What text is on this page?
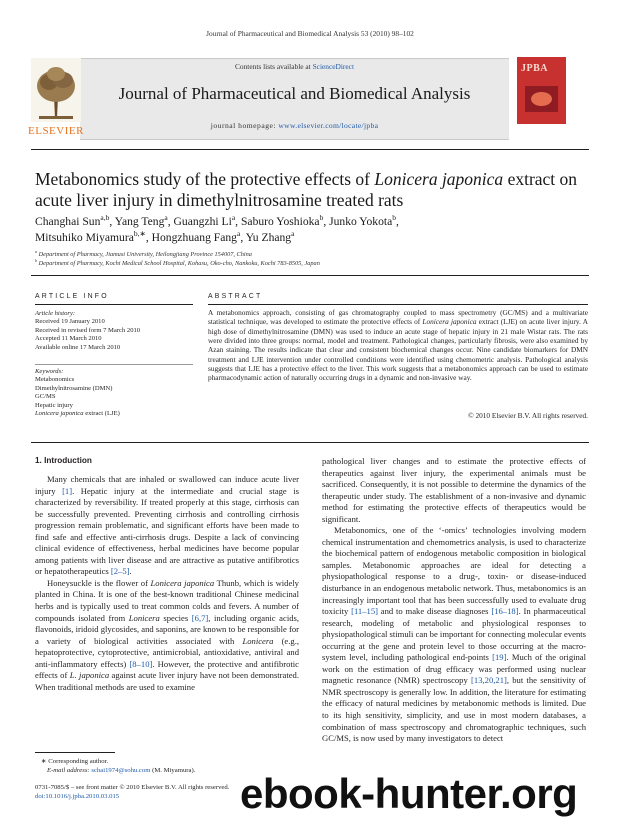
Journal of Pharmaceutical and Biomedical Analysis 53 (2010) 98–102
Contents lists available at ScienceDirect
Journal of Pharmaceutical and Biomedical Analysis
journal homepage: www.elsevier.com/locate/jpba
ELSEVIER
JPBA
Metabonomics study of the protective effects of Lonicera japonica extract on acute liver injury in dimethylnitrosamine treated rats
Changhai Sun$^{a,b}$, Yang Teng$^a$, Guangzhi Li$^a$, Saburo Yoshioka$^b$, Junko Yokota$^b$,
Mitsuhiko Miyamura$^{b,∗}$, Hongzhuang Fang$^a$, Yu Zhang$^a$
$^a$ Department of Pharmacy, Jiamusi University, Heilongjiang Province 154007, China
$^b$ Department of Pharmacy, Kochi Medical School Hospital, Kohasu, Oko-cho, Nankoku, Kochi 783-8505, Japan
ARTICLE INFO
Article history:
Received 19 January 2010
Received in revised form 7 March 2010
Accepted 11 March 2010
Available online 17 March 2010
Keywords:
Metabonomics
Dimethylnitrosamine (DMN)
GC/MS
Hepatic injury
Lonicera japonica extract (LJE)
ABSTRACT
A metabonomics approach, consisting of gas chromatography coupled to mass spectrometry (GC/MS) and a multivariate statistical technique, was developed to estimate the protective effects of Lonicera japonica extract (LJE) on acute liver injury. A high dose of dimethylnitrosamine (DMN) was used to induce an acute stage of hepatic injury in 21 male Wistar rats. The rats were divided into three groups: normal, model and treatment. Pathological changes, particularly fibrosis, were also examined by Azan staining. The results indicate that clear and consistent biochemical changes occur. Nine candidate biomarkers for DMN treatment and LJE intervention under controlled conditions were identified using chemometric analysis. Pathological analysis suggests that LJE has a protective effect to the liver. This work suggests that a metabonomics approach can be used to estimate pharmacodynamic action of naturally occurring drugs in a dynamic and non-invasive way.
© 2010 Elsevier B.V. All rights reserved.
1. Introduction

Many chemicals that are inhaled or swallowed can induce acute liver injury [1]. Hepatic injury at the intermediate and crucial stage is characterized by reversibility. If treated properly at this stage, cirrhosis can be successfully prevented. Preventing cirrhosis and controlling cirrhosis progression remain problematic, and significant efforts have been made to find safe and effective anti-cirrhosis drugs. Despite a lack of convincing clinical evidence of effectiveness, herbal medicines have become popular among patients with liver disease and are attractive as putative antifibrotics or hepatotherapeutics [2–5].

Honeysuckle is the flower of Lonicera japonica Thunb, which is widely planted in China. It is one of the best-known traditional Chinese medicinal herbs and is typically used to treat common colds and fevers. A number of compounds isolated from Lonicera species [6,7], including organic acids, flavonoids, iridoid glycosides, and saponins, are known to be responsible for a variety of biological activities associated with Lonicera (e.g., hepatoprotective, cytoprotective, antimicrobial, antioxidative, antiviral and anti-inflammatory effects) [8–10]. However, the protective and antifibrotic effects of L. japonica against acute liver injury have not been demonstrated. When traditional methods are used to examine

pathological liver changes and to estimate the protective effects of therapeutics against liver injury, the experimental animals must be sacrificed. Consequently, it is not possible to determine the dynamics of the therapeutic under study. The establishment of a non-invasive and dynamic method for estimating the protective effects of therapeutics would be significant.

Metabonomics, one of the ‘-omics’ technologies involving modern chemical instrumentation and chemometrics analysis, is used to characterize the biochemical pattern of endogenous metabolic composition in biological samples. Metabonomic approaches are ideal for detecting a physiopathological response to a drug-, toxin- or disease-induced disturbance in an endogenous metabolic network. Thus, metabonomics is an increasingly important tool that has been successfully used to evaluate drug toxicity [11–15] and to make disease diagnoses [16–18]. In pharmaceutical research, modeling of metabolic and physiological responses to physiopathological stimuli can be important for connecting molecular events occurring at the gene and protein level to those occurring at the macro-system level, including pathological end-points [19]. Much of the original work on the estimation of drug efficacy was performed using nuclear magnetic resonance (NMR) spectroscopy [13,20,21], but the sensitivity of NMR spectroscopy is generally low. In addition, the literature for estimating the efficacy of natural medicines by metabonomic methods is limited. Due to its high sensitivity, simplicity, and use in most modern databases, a combination of mass spectroscopy and chromatographic techniques, such GC/MS, is now used by many investigators to detect

∗ Corresponding author.
E-mail address: schai1974@sohu.com (M. Miyamura).
0731-7085/$ – see front matter © 2010 Elsevier B.V. All rights reserved.
doi:10.1016/j.jpba.2010.03.015	ebook-hunter.org
